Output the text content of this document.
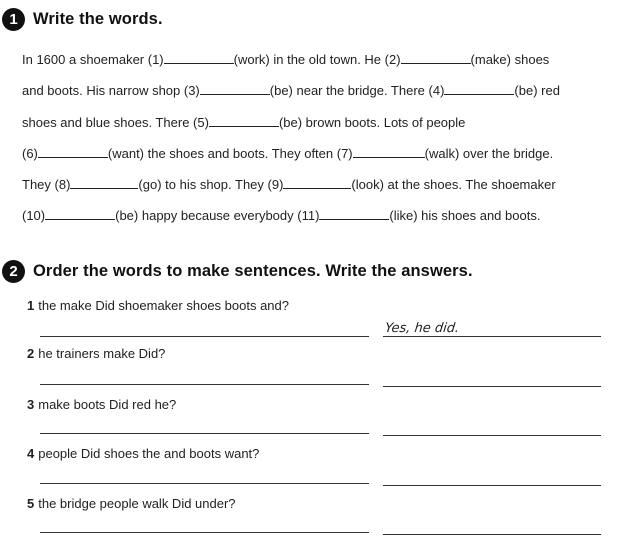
1 Write the words.
In 1600 a shoemaker (1)	(work) in the old town. He (2)	(make) shoes
and boots. His narrow shop (3)	(be) near the bridge. There (4)	(be) red
shoes and blue shoes. There (5)	(be) brown boots. Lots of people
(6)	(want) the shoes and boots. They often (7)	(walk) over the bridge.
They (8)	(go) to his shop. They (9)	(look) at the shoes. The shoemaker
(10)	(be) happy because everybody (11)	(like) his shoes and boots.
2 Order the words to make sentences. Write the answers.
1 the make Did shoemaker shoes boots and?
Yes, he did.
2 he trainers make Did?
3 make boots Did red he?
4 people Did shoes the and boots want?
5 the bridge people walk Did under?
